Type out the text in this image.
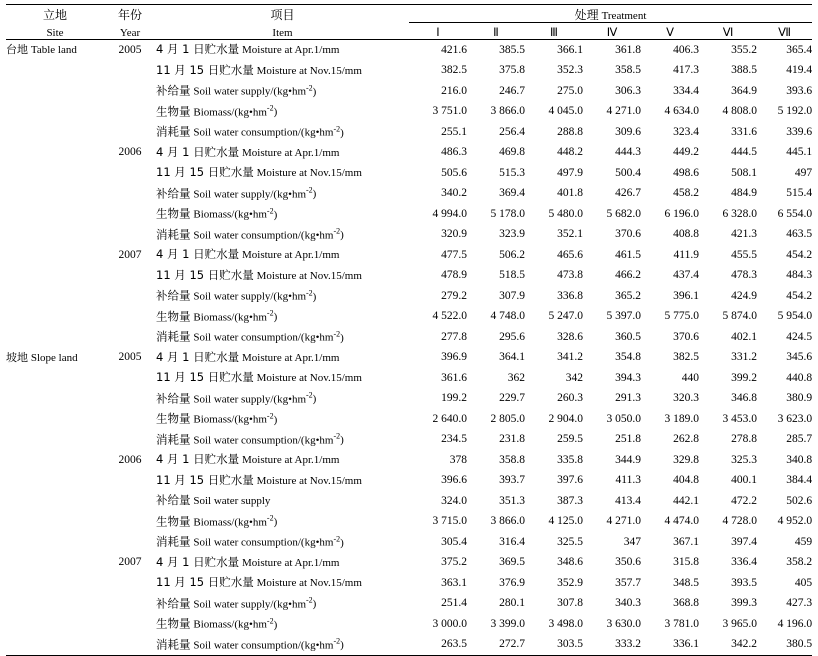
立地	年份	项目	处理 Treatment						
Site	Year	Item	Ⅰ	Ⅱ	Ⅲ	Ⅳ	Ⅴ	Ⅵ	Ⅶ
台地 Table land	2005	4 月 1 日贮水量 Moisture at Apr.1/mm	421.6	385.5	366.1	361.8	406.3	355.2	365.4
		11 月 15 日贮水量 Moisture at Nov.15/mm	382.5	375.8	352.3	358.5	417.3	388.5	419.4
		补给量 Soil water supply/$(kg•hm^{-2})$	216.0	246.7	275.0	306.3	334.4	364.9	393.6
		生物量 Biomass/$(kg•hm^{-2})$	3 751.0	3 866.0	4 045.0	4 271.0	4 634.0	4 808.0	5 192.0
		消耗量 Soil water consumption/$(kg•hm^{-2})$	255.1	256.4	288.8	309.6	323.4	331.6	339.6
	2006	4 月 1 日贮水量 Moisture at Apr.1/mm	486.3	469.8	448.2	444.3	449.2	444.5	445.1
		11 月 15 日贮水量 Moisture at Nov.15/mm	505.6	515.3	497.9	500.4	498.6	508.1	497
		补给量 Soil water supply/$(kg•hm^{-2})$	340.2	369.4	401.8	426.7	458.2	484.9	515.4
		生物量 Biomass/$(kg•hm^{-2})$	4 994.0	5 178.0	5 480.0	5 682.0	6 196.0	6 328.0	6 554.0
		消耗量 Soil water consumption/$(kg•hm^{-2})$	320.9	323.9	352.1	370.6	408.8	421.3	463.5
	2007	4 月 1 日贮水量 Moisture at Apr.1/mm	477.5	506.2	465.6	461.5	411.9	455.5	454.2
		11 月 15 日贮水量 Moisture at Nov.15/mm	478.9	518.5	473.8	466.2	437.4	478.3	484.3
		补给量 Soil water supply/$(kg•hm^{-2})$	279.2	307.9	336.8	365.2	396.1	424.9	454.2
		生物量 Biomass/$(kg•hm^{-2})$	4 522.0	4 748.0	5 247.0	5 397.0	5 775.0	5 874.0	5 954.0
		消耗量 Soil water consumption/$(kg•hm^{-2})$	277.8	295.6	328.6	360.5	370.6	402.1	424.5
坡地 Slope land	2005	4 月 1 日贮水量 Moisture at Apr.1/mm	396.9	364.1	341.2	354.8	382.5	331.2	345.6
		11 月 15 日贮水量 Moisture at Nov.15/mm	361.6	362	342	394.3	440	399.2	440.8
		补给量 Soil water supply/$(kg•hm^{-2})$	199.2	229.7	260.3	291.3	320.3	346.8	380.9
		生物量 Biomass/$(kg•hm^{-2})$	2 640.0	2 805.0	2 904.0	3 050.0	3 189.0	3 453.0	3 623.0
		消耗量 Soil water consumption/$(kg•hm^{-2})$	234.5	231.8	259.5	251.8	262.8	278.8	285.7
	2006	4 月 1 日贮水量 Moisture at Apr.1/mm	378	358.8	335.8	344.9	329.8	325.3	340.8
		11 月 15 日贮水量 Moisture at Nov.15/mm	396.6	393.7	397.6	411.3	404.8	400.1	384.4
		补给量 Soil water supply	324.0	351.3	387.3	413.4	442.1	472.2	502.6
		生物量 Biomass/$(kg•hm^{-2})$	3 715.0	3 866.0	4 125.0	4 271.0	4 474.0	4 728.0	4 952.0
		消耗量 Soil water consumption/$(kg•hm^{-2})$	305.4	316.4	325.5	347	367.1	397.4	459
	2007	4 月 1 日贮水量 Moisture at Apr.1/mm	375.2	369.5	348.6	350.6	315.8	336.4	358.2
		11 月 15 日贮水量 Moisture at Nov.15/mm	363.1	376.9	352.9	357.7	348.5	393.5	405
		补给量 Soil water supply/$(kg•hm^{-2})$	251.4	280.1	307.8	340.3	368.8	399.3	427.3
		生物量 Biomass/$(kg•hm^{-2})$	3 000.0	3 399.0	3 498.0	3 630.0	3 781.0	3 965.0	4 196.0
		消耗量 Soil water consumption/$(kg•hm^{-2})$	263.5	272.7	303.5	333.2	336.1	342.2	380.5
